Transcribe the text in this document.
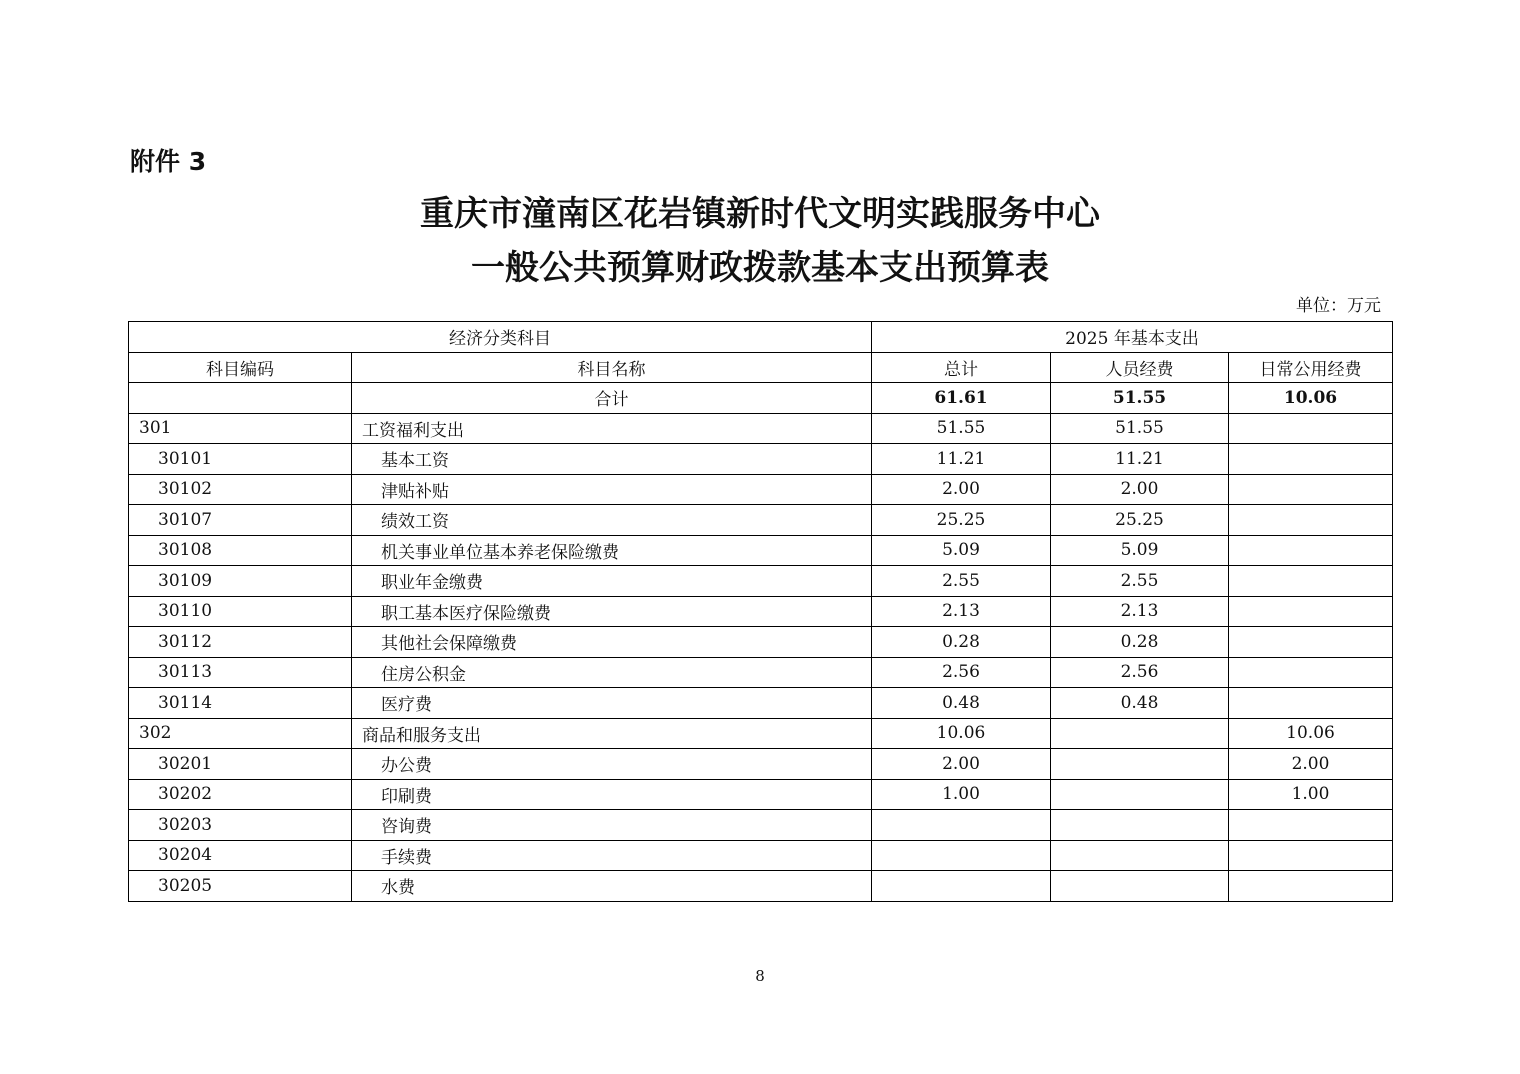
附件 3
重庆市潼南区花岩镇新时代文明实践服务中心
一般公共预算财政拨款基本支出预算表
单位：万元
经济分类科目		2025 年基本支出		
科目编码	科目名称	总计	人员经费	日常公用经费
	合计	61.61	51.55	10.06
301	工资福利支出	51.55	51.55	
30101	基本工资	11.21	11.21	
30102	津贴补贴	2.00	2.00	
30107	绩效工资	25.25	25.25	
30108	机关事业单位基本养老保险缴费	5.09	5.09	
30109	职业年金缴费	2.55	2.55	
30110	职工基本医疗保险缴费	2.13	2.13	
30112	其他社会保障缴费	0.28	0.28	
30113	住房公积金	2.56	2.56	
30114	医疗费	0.48	0.48	
302	商品和服务支出	10.06		10.06
30201	办公费	2.00		2.00
30202	印刷费	1.00		1.00
30203	咨询费			
30204	手续费			
30205	水费			
8
